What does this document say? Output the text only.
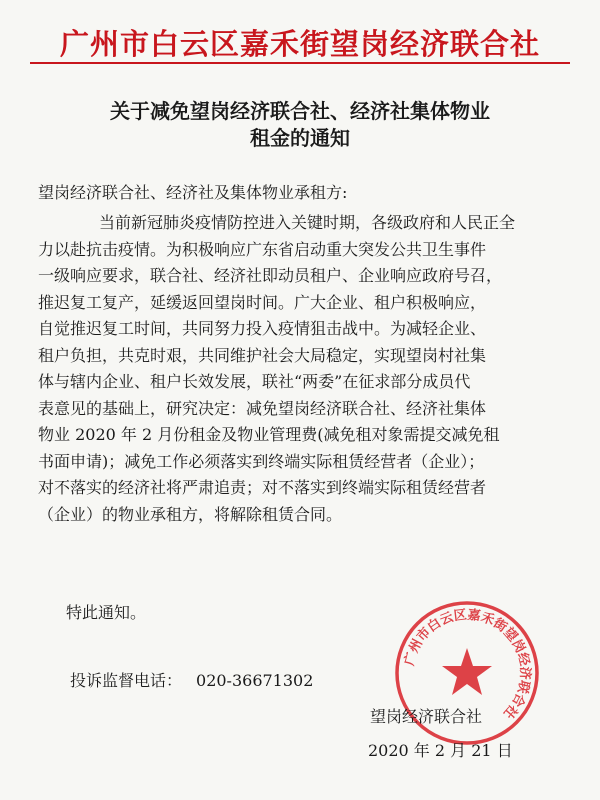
广州市白云区嘉禾街望岗经济联合社
关于减免望岗经济联合社、经济社集体物业
租金的通知
望岗经济联合社、经济社及集体物业承租方:
当前新冠肺炎疫情防控进入关键时期，各级政府和人民正全
力以赴抗击疫情。为积极响应广东省启动重大突发公共卫生事件
一级响应要求，联合社、经济社即动员租户、企业响应政府号召，
推迟复工复产，延缓返回望岗时间。广大企业、租户积极响应，
自觉推迟复工时间，共同努力投入疫情狙击战中。为减轻企业、
租户负担，共克时艰，共同维护社会大局稳定，实现望岗村社集
体与辖内企业、租户长效发展，联社“两委”在征求部分成员代
表意见的基础上，研究决定：减免望岗经济联合社、经济社集体
物业 2020 年 2 月份租金及物业管理费(减免租对象需提交减免租
书面申请)；减免工作必须落实到终端实际租赁经营者（企业）；
对不落实的经济社将严肃追责；对不落实到终端实际租赁经营者
（企业）的物业承租方，将解除租赁合同。
特此通知。
投诉监督电话： 020-36671302
广州市白云区嘉禾街望岗经济联合社
望岗经济联合社
2020 年 2 月 21 日
